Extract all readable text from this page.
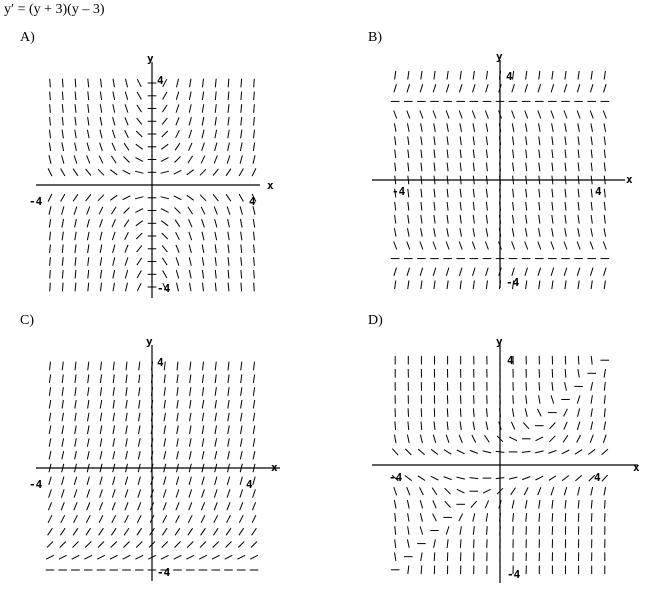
y′ = (y + 3)(y – 3)
A)	B)
C)	D)
x
y
-4	4
4
-4
x
y
-4	4
4
-4
x
y
-4	4
4
-4
x
y
-4	4
4
-4
